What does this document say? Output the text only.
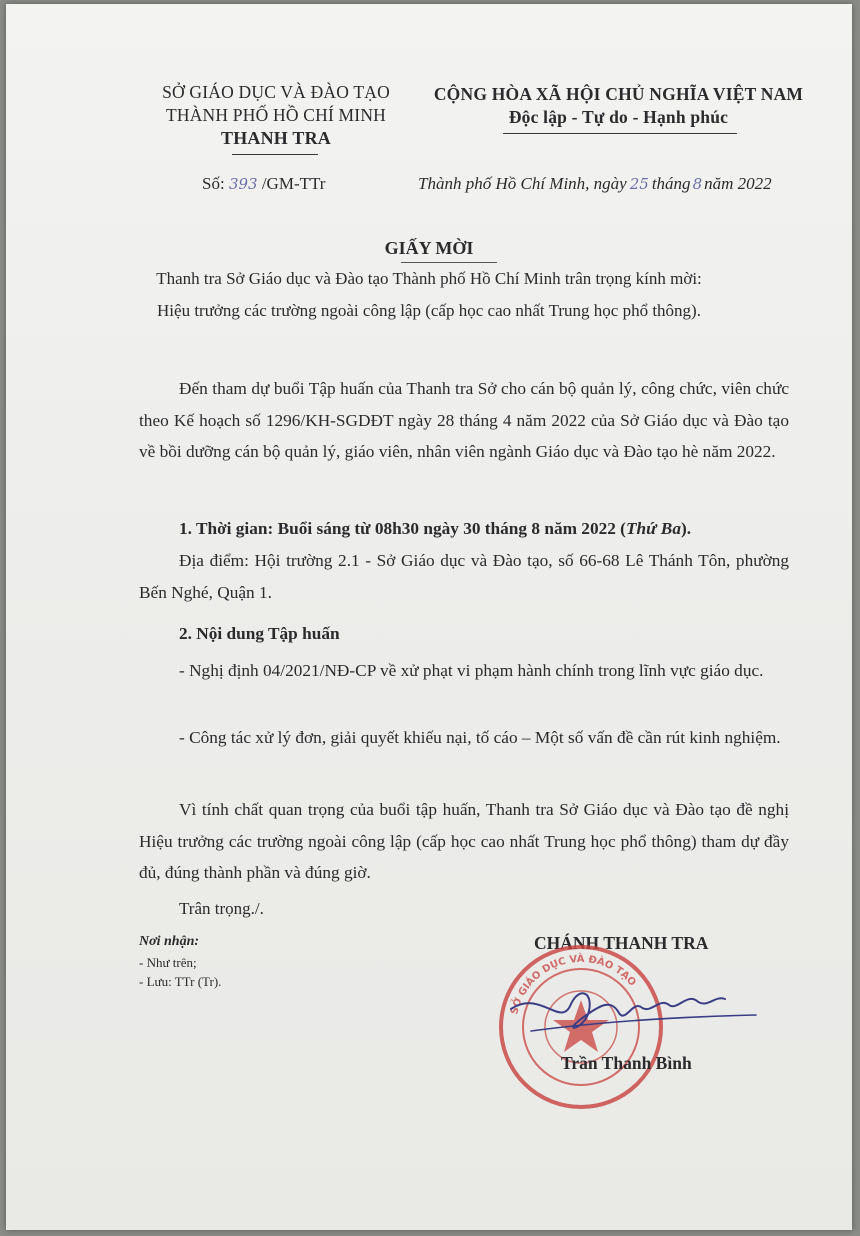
SỞ GIÁO DỤC VÀ ĐÀO TẠO
THÀNH PHỐ HỒ CHÍ MINH
THANH TRA
CỘNG HÒA XÃ HỘI CHỦ NGHĨA VIỆT NAM
Độc lập - Tự do - Hạnh phúc
Số: 393 /GM-TTr	Thành phố Hồ Chí Minh, ngày 25 tháng 8 năm 2022
GIẤY MỜI
Thanh tra Sở Giáo dục và Đào tạo Thành phố Hồ Chí Minh trân trọng kính mời:
Hiệu trưởng các trường ngoài công lập (cấp học cao nhất Trung học phổ thông).
Đến tham dự buổi Tập huấn của Thanh tra Sở cho cán bộ quản lý, công chức, viên chức theo Kế hoạch số 1296/KH-SGDĐT ngày 28 tháng 4 năm 2022 của Sở Giáo dục và Đào tạo về bồi dưỡng cán bộ quản lý, giáo viên, nhân viên ngành Giáo dục và Đào tạo hè năm 2022.
1. Thời gian: Buổi sáng từ 08h30 ngày 30 tháng 8 năm 2022 (Thứ Ba).
Địa điểm: Hội trường 2.1 - Sở Giáo dục và Đào tạo, số 66-68 Lê Thánh Tôn, phường Bến Nghé, Quận 1.
2. Nội dung Tập huấn
- Nghị định 04/2021/NĐ-CP về xử phạt vi phạm hành chính trong lĩnh vực giáo dục.
- Công tác xử lý đơn, giải quyết khiếu nại, tố cáo – Một số vấn đề cần rút kinh nghiệm.
Vì tính chất quan trọng của buổi tập huấn, Thanh tra Sở Giáo dục và Đào tạo đề nghị Hiệu trưởng các trường ngoài công lập (cấp học cao nhất Trung học phổ thông) tham dự đầy đủ, đúng thành phần và đúng giờ.
Trân trọng./.
Nơi nhận:
- Như trên;
- Lưu: TTr (Tr).
CHÁNH THANH TRA
SỞ GIÁO DỤC VÀ ĐÀO TẠO
Trần Thanh Bình
